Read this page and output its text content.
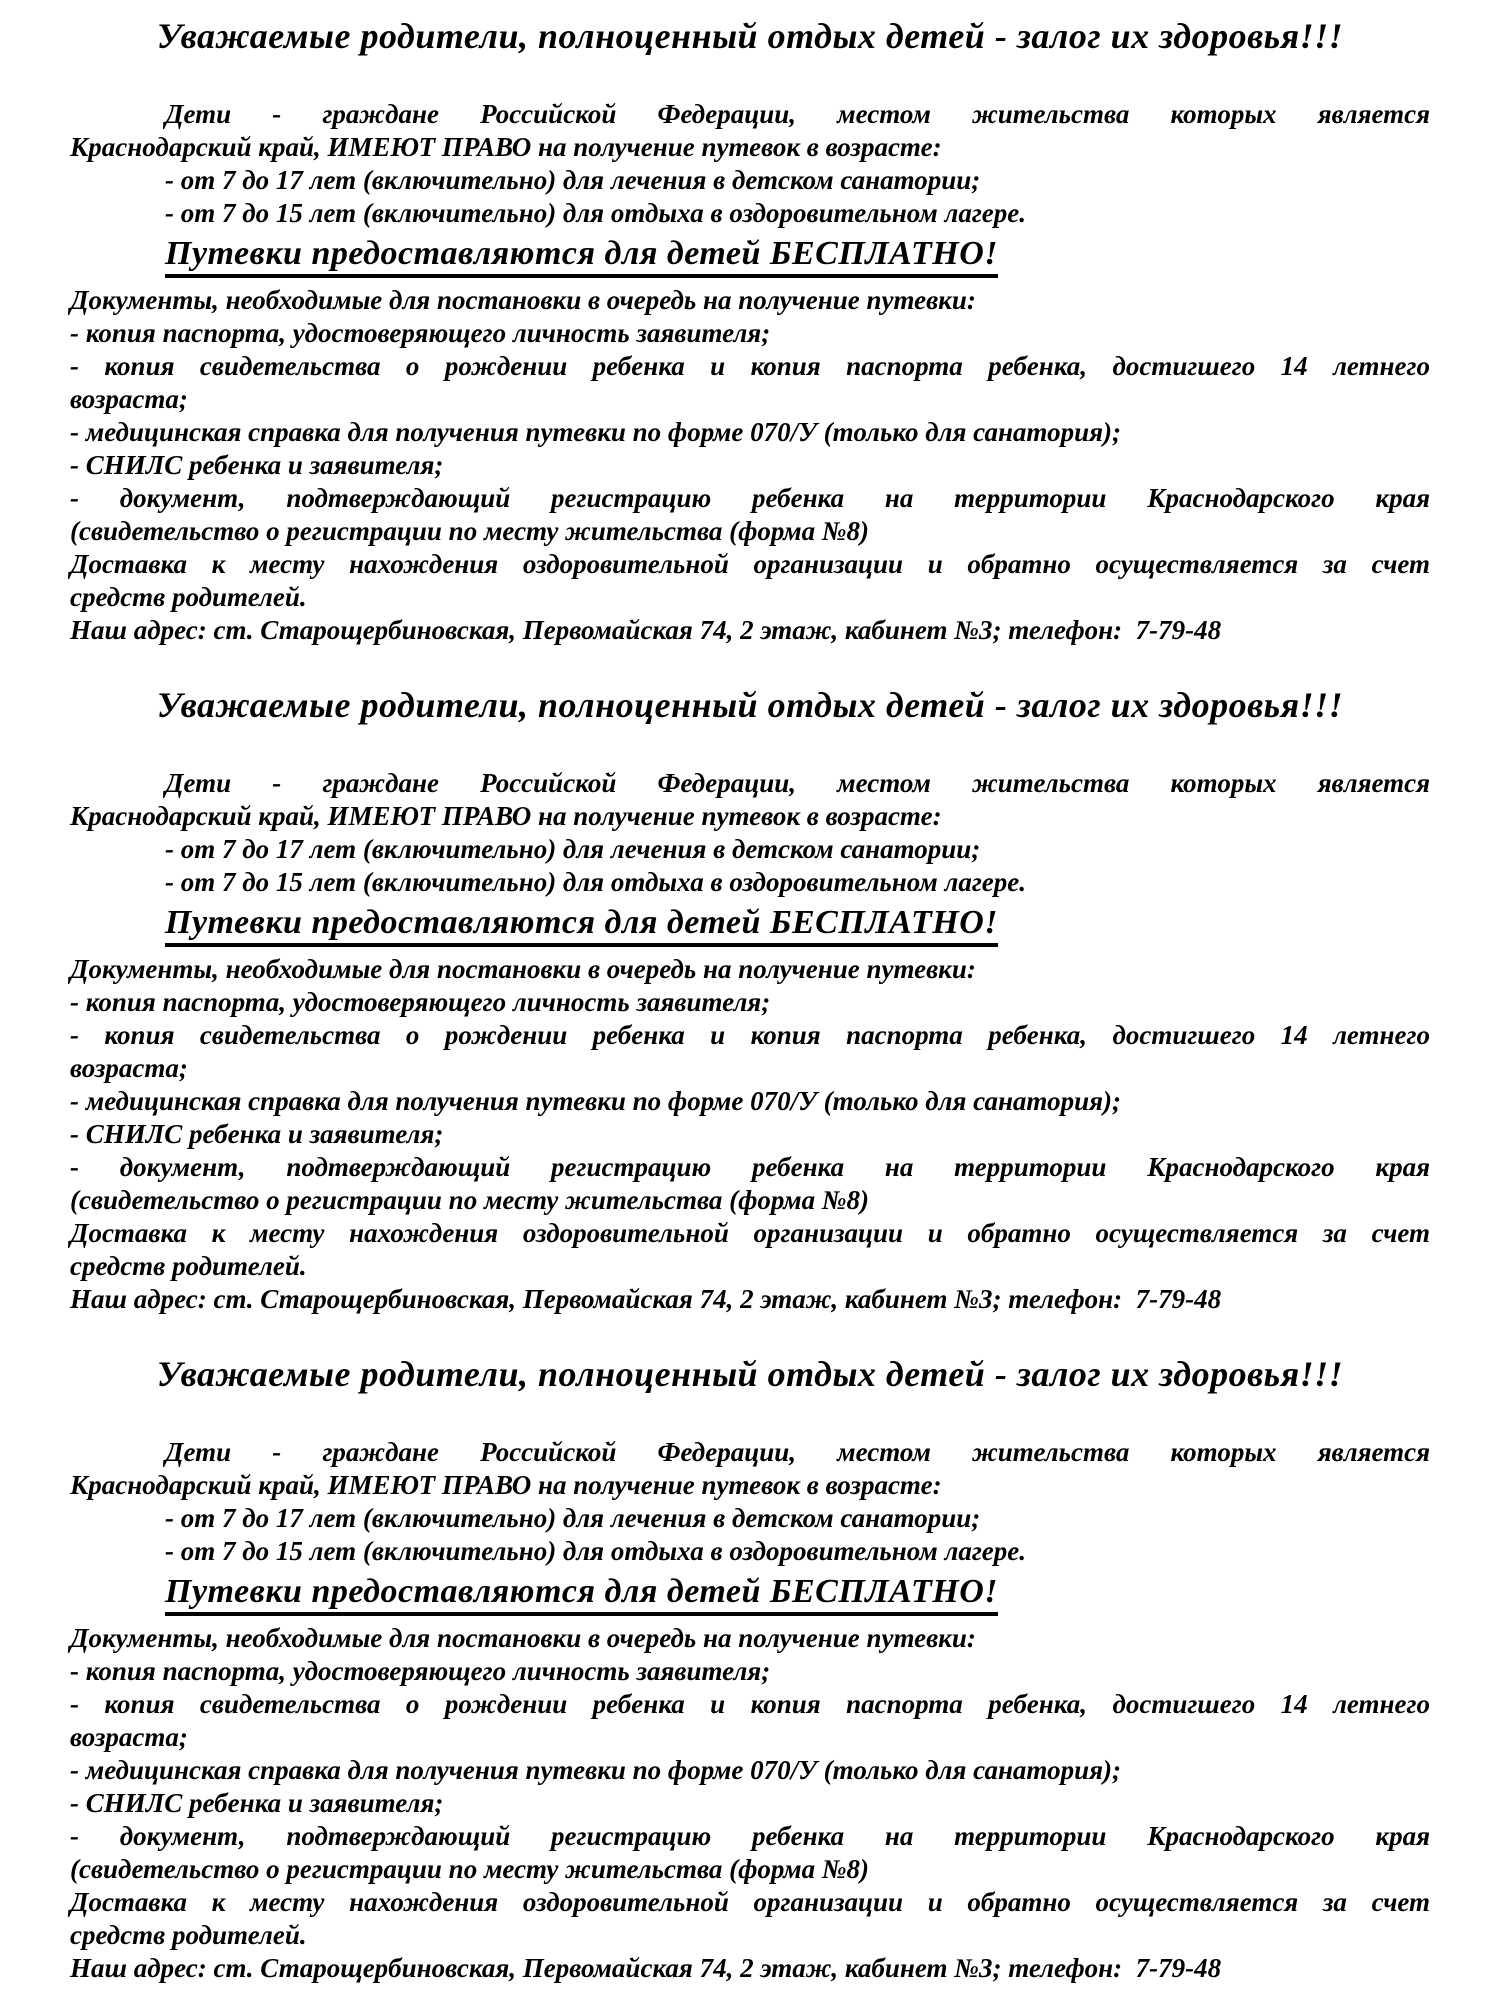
Уважаемые родители, полноценный отдых детей - залог их здоровья!!!
Дети - граждане Российской Федерации, местом жительства которых является
Краснодарский край, ИМЕЮТ ПРАВО на получение путевок в возрасте:
- от 7 до 17 лет (включительно) для лечения в детском санатории;
- от 7 до 15 лет (включительно) для отдыха в оздоровительном лагере.
Путевки предоставляются для детей БЕСПЛАТНО!
Документы, необходимые для постановки в очередь на получение путевки:
- копия паспорта, удостоверяющего личность заявителя;
- копия свидетельства о рождении ребенка и копия паспорта ребенка, достигшего 14 летнего
возраста;
- медицинская справка для получения путевки по форме 070/У (только для санатория);
- СНИЛС ребенка и заявителя;
- документ, подтверждающий регистрацию ребенка на территории Краснодарского края
(свидетельство о регистрации по месту жительства (форма №8)
Доставка к месту нахождения оздоровительной организации и обратно осуществляется за счет
средств родителей.
Наш адрес: ст. Старощербиновская, Первомайская 74, 2 этаж, кабинет №3; телефон:  7-79-48
Уважаемые родители, полноценный отдых детей - залог их здоровья!!!
Дети - граждане Российской Федерации, местом жительства которых является
Краснодарский край, ИМЕЮТ ПРАВО на получение путевок в возрасте:
- от 7 до 17 лет (включительно) для лечения в детском санатории;
- от 7 до 15 лет (включительно) для отдыха в оздоровительном лагере.
Путевки предоставляются для детей БЕСПЛАТНО!
Документы, необходимые для постановки в очередь на получение путевки:
- копия паспорта, удостоверяющего личность заявителя;
- копия свидетельства о рождении ребенка и копия паспорта ребенка, достигшего 14 летнего
возраста;
- медицинская справка для получения путевки по форме 070/У (только для санатория);
- СНИЛС ребенка и заявителя;
- документ, подтверждающий регистрацию ребенка на территории Краснодарского края
(свидетельство о регистрации по месту жительства (форма №8)
Доставка к месту нахождения оздоровительной организации и обратно осуществляется за счет
средств родителей.
Наш адрес: ст. Старощербиновская, Первомайская 74, 2 этаж, кабинет №3; телефон:  7-79-48
Уважаемые родители, полноценный отдых детей - залог их здоровья!!!
Дети - граждане Российской Федерации, местом жительства которых является
Краснодарский край, ИМЕЮТ ПРАВО на получение путевок в возрасте:
- от 7 до 17 лет (включительно) для лечения в детском санатории;
- от 7 до 15 лет (включительно) для отдыха в оздоровительном лагере.
Путевки предоставляются для детей БЕСПЛАТНО!
Документы, необходимые для постановки в очередь на получение путевки:
- копия паспорта, удостоверяющего личность заявителя;
- копия свидетельства о рождении ребенка и копия паспорта ребенка, достигшего 14 летнего
возраста;
- медицинская справка для получения путевки по форме 070/У (только для санатория);
- СНИЛС ребенка и заявителя;
- документ, подтверждающий регистрацию ребенка на территории Краснодарского края
(свидетельство о регистрации по месту жительства (форма №8)
Доставка к месту нахождения оздоровительной организации и обратно осуществляется за счет
средств родителей.
Наш адрес: ст. Старощербиновская, Первомайская 74, 2 этаж, кабинет №3; телефон:  7-79-48
